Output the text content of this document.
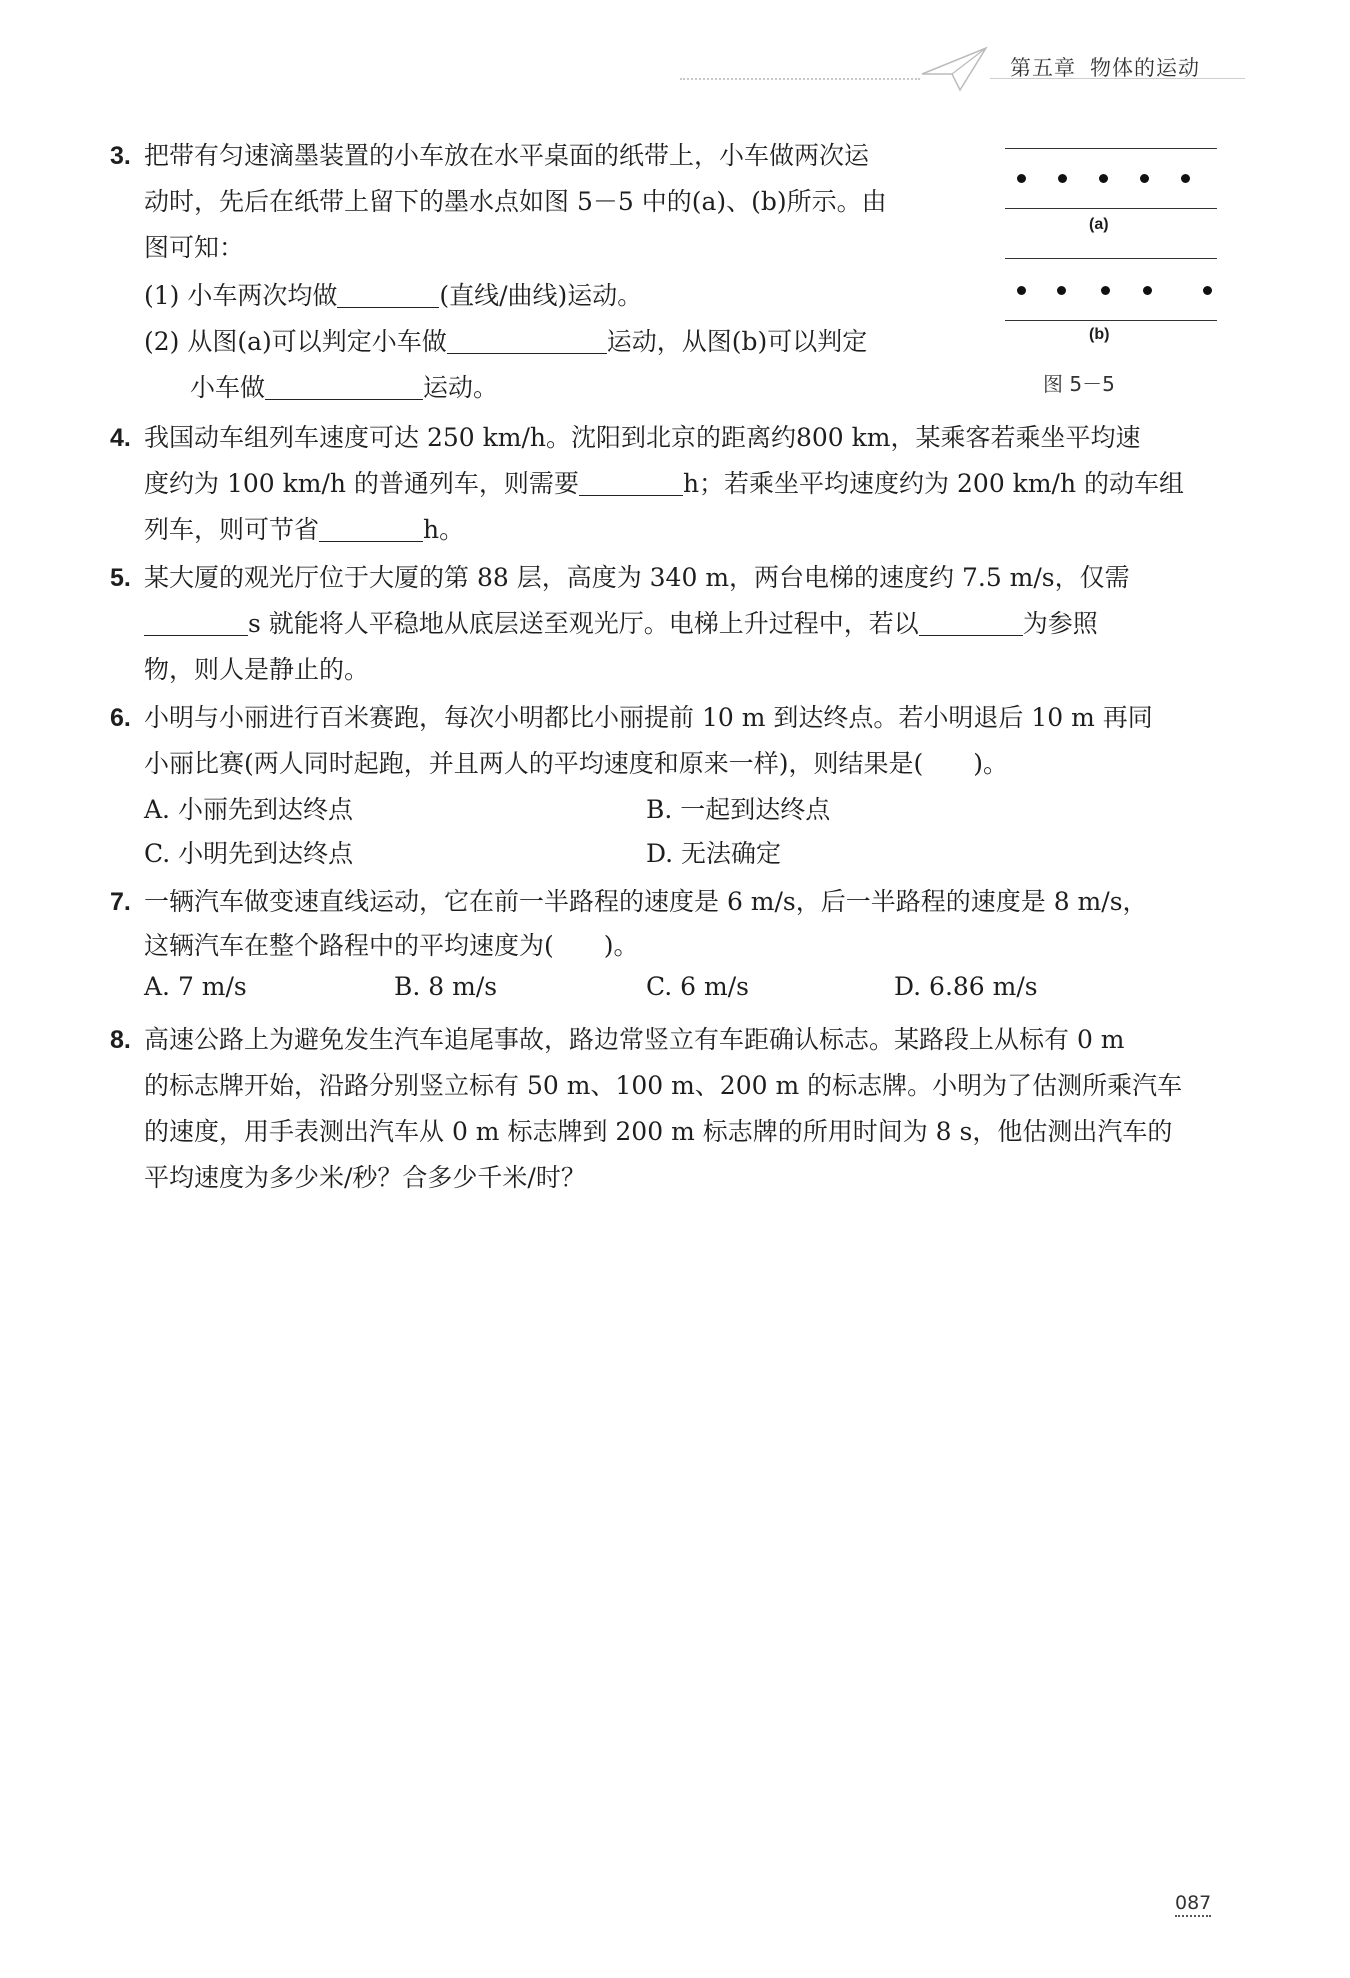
第五章 物体的运动
3. 把带有匀速滴墨装置的小车放在水平桌面的纸带上，小车做两次运
动时，先后在纸带上留下的墨水点如图 5－5 中的(a)、(b)所示。由
图可知：
(1) 小车两次均做	(直线/曲线)运动。
(2) 从图(a)可以判定小车做	运动，从图(b)可以判定
小车做	运动。
(a)
(b)
图 5－5
4. 我国动车组列车速度可达 250 km/h。沈阳到北京的距离约800 km，某乘客若乘坐平均速
度约为 100 km/h 的普通列车，则需要	h；若乘坐平均速度约为 200 km/h 的动车组
列车，则可节省	h。
5. 某大厦的观光厅位于大厦的第 88 层，高度为 340 m，两台电梯的速度约 7.5 m/s，仅需
s 就能将人平稳地从底层送至观光厅。电梯上升过程中，若以	为参照
物，则人是静止的。
6. 小明与小丽进行百米赛跑，每次小明都比小丽提前 10 m 到达终点。若小明退后 10 m 再同
小丽比赛(两人同时起跑，并且两人的平均速度和原来一样)，则结果是(　　)。
A. 小丽先到达终点	B. 一起到达终点
C. 小明先到达终点	D. 无法确定
7. 一辆汽车做变速直线运动，它在前一半路程的速度是 6 m/s，后一半路程的速度是 8 m/s，
这辆汽车在整个路程中的平均速度为(　　)。
A. 7 m/s	B. 8 m/s	C. 6 m/s	D. 6.86 m/s
8. 高速公路上为避免发生汽车追尾事故，路边常竖立有车距确认标志。某路段上从标有 0 m
的标志牌开始，沿路分别竖立标有 50 m、100 m、200 m 的标志牌。小明为了估测所乘汽车
的速度，用手表测出汽车从 0 m 标志牌到 200 m 标志牌的所用时间为 8 s，他估测出汽车的
平均速度为多少米/秒？合多少千米/时？
087
